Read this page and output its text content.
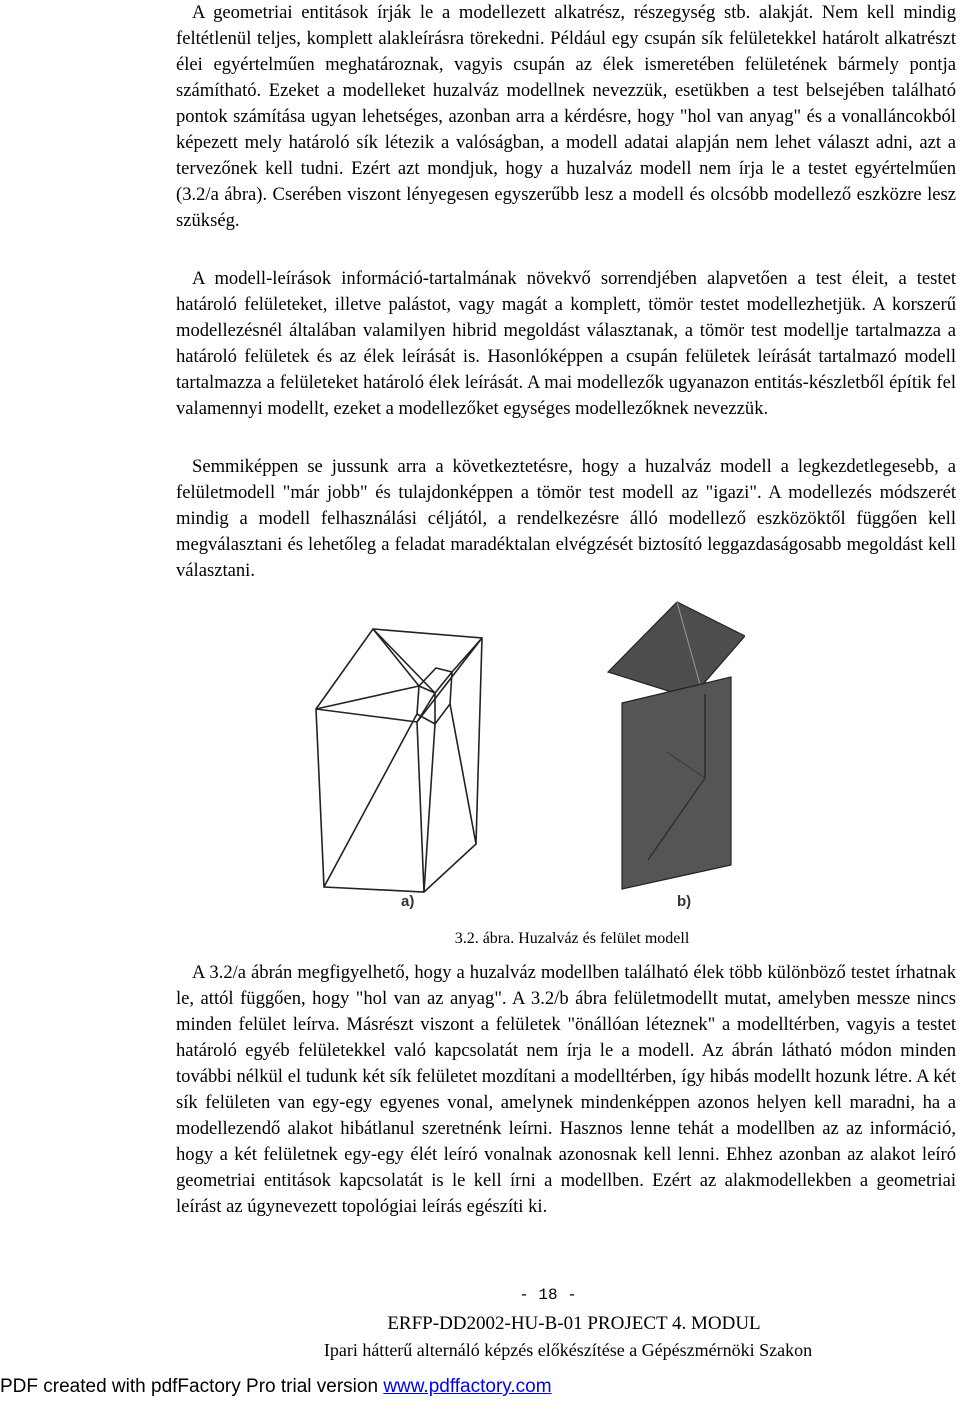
A geometriai entitások írják le a modellezett alkatrész, részegység stb. alakját. Nem kell mindig feltétlenül teljes, komplett alakleírásra törekedni. Például egy csupán sík felületekkel határolt alkatrészt élei egyértelműen meghatároznak, vagyis csupán az élek ismeretében felületének bármely pontja számítható. Ezeket a modelleket huzalváz modellnek nevezzük, esetükben a test belsejében található pontok számítása ugyan lehetséges, azonban arra a kérdésre, hogy "hol van anyag" és a vonalláncokból képezett mely határoló sík létezik a valóságban, a modell adatai alapján nem lehet választ adni, azt a tervezőnek kell tudni. Ezért azt mondjuk, hogy a huzalváz modell nem írja le a testet egyértelműen (3.2/a ábra). Cserében viszont lényegesen egyszerűbb lesz a modell és olcsóbb modellező eszközre lesz szükség.

A modell-leírások információ-tartalmának növekvő sorrendjében alapvetően a test éleit, a testet határoló felületeket, illetve palástot, vagy magát a komplett, tömör testet modellezhetjük. A korszerű modellezésnél általában valamilyen hibrid megoldást választanak, a tömör test modellje tartalmazza a határoló felületek és az élek leírását is. Hasonlóképpen a csupán felületek leírását tartalmazó modell tartalmazza a felületeket határoló élek leírását. A mai modellezők ugyanazon entitás-készletből építik fel valamennyi modellt, ezeket a modellezőket egységes modellezőknek nevezzük.

Semmiképpen se jussunk arra a következtetésre, hogy a huzalváz modell a legkezdetlegesebb, a felületmodell "már jobb" és tulajdonképpen a tömör test modell az "igazi". A modellezés módszerét mindig a modell felhasználási céljától, a rendelkezésre álló modellező eszközöktől függően kell megválasztani és lehetőleg a feladat maradéktalan elvégzését biztosító leggazdaságosabb megoldást kell választani.

a)	b)
3.2. ábra. Huzalváz és felület modell

A 3.2/a ábrán megfigyelhető, hogy a huzalváz modellben található élek több különböző testet írhatnak le, attól függően, hogy "hol van az anyag". A 3.2/b ábra felületmodellt mutat, amelyben messze nincs minden felület leírva. Másrészt viszont a felületek "önállóan léteznek" a modelltérben, vagyis a testet határoló egyéb felületekkel való kapcsolatát nem írja le a modell. Az ábrán látható módon minden további nélkül el tudunk két sík felületet mozdítani a modelltérben, így hibás modellt hozunk létre. A két sík felületen van egy-egy egyenes vonal, amelynek mindenképpen azonos helyen kell maradni, ha a modellezendő alakot hibátlanul szeretnénk leírni. Hasznos lenne tehát a modellben az az információ, hogy a két felületnek egy-egy élét leíró vonalnak azonosnak kell lenni. Ehhez azonban az alakot leíró geometriai entitások kapcsolatát is le kell írni a modellben. Ezért az alakmodellekben a geometriai leírást az úgynevezett topológiai leírás egészíti ki.

- 18 -
ERFP-DD2002-HU-B-01 PROJECT 4. MODUL
Ipari hátterű alternáló képzés előkészítése a Gépészmérnöki Szakon
PDF created with pdfFactory Pro trial version www.pdffactory.com
